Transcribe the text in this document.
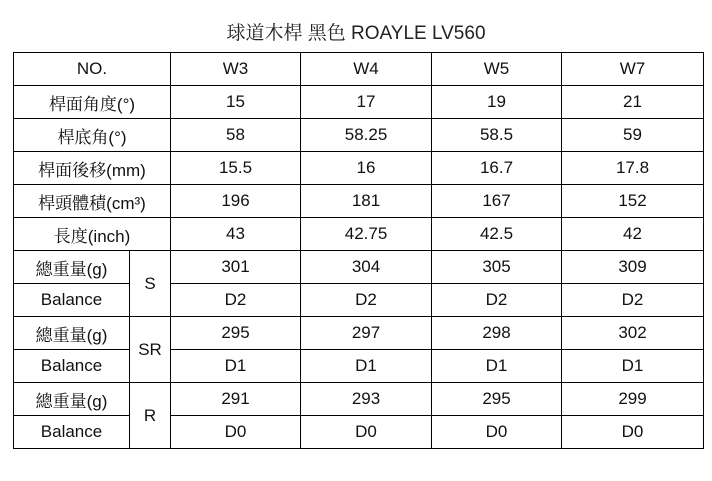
球道木桿 黑色 ROAYLE LV560
NO.		W3	W4	W5	W7
桿面角度(°)		15	17	19	21
桿底角(°)		58	58.25	58.5	59
桿面後移(mm)		15.5	16	16.7	17.8
桿頭體積(cm³)		196	181	167	152
長度(inch)		43	42.75	42.5	42
總重量(g)	S	301	304	305	309
Balance		D2	D2	D2	D2
總重量(g)	SR	295	297	298	302
Balance		D1	D1	D1	D1
總重量(g)	R	291	293	295	299
Balance		D0	D0	D0	D0
